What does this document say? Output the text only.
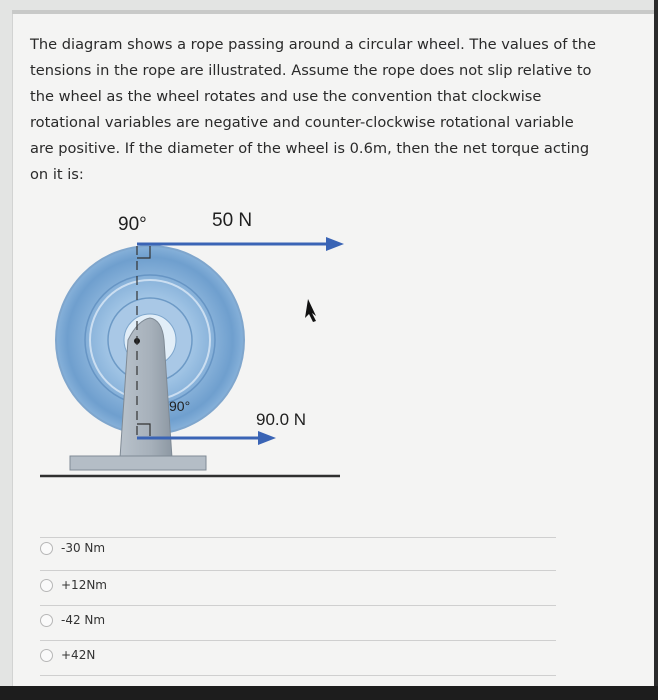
The diagram shows a rope passing around a circular wheel. The values of the
tensions in the rope are illustrated. Assume the rope does not slip relative to
the wheel as the wheel rotates and use the convention that clockwise
rotational variables are negative and counter-clockwise rotational variable
are positive. If the diameter of the wheel is 0.6m, then the net torque acting
on it is:
90°	50 N
90°
90.0 N
-30 Nm
+12Nm
-42 Nm
+42N
